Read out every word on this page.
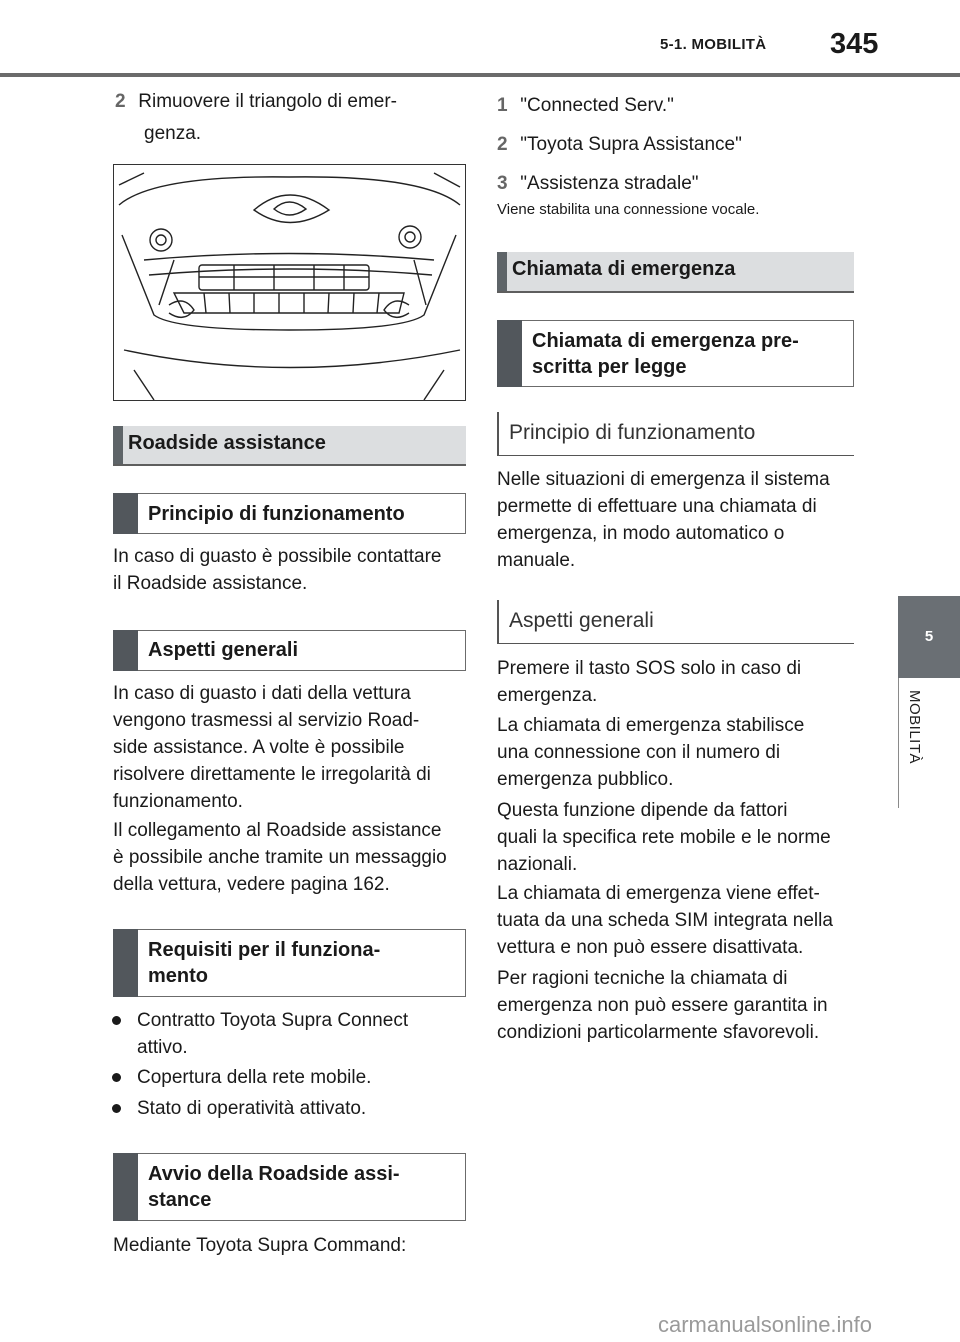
5-1. MOBILITÀ 345
5
MOBILITÀ
2 Rimuovere il triangolo di emer-
genza.
Roadside assistance
Principio di funzionamento
In caso di guasto è possibile contattare
il Roadside assistance.
Aspetti generali
In caso di guasto i dati della vettura
vengono trasmessi al servizio Road-
side assistance. A volte è possibile
risolvere direttamente le irregolarità di
funzionamento.
Il collegamento al Roadside assistance
è possibile anche tramite un messaggio
della vettura, vedere pagina 162.
Requisiti per il funziona-
mento
Contratto Toyota Supra Connect
attivo.
Copertura della rete mobile.
Stato di operatività attivato.
Avvio della Roadside assi-
stance
Mediante Toyota Supra Command:
1 "Connected Serv."
2 "Toyota Supra Assistance"
3 "Assistenza stradale"
Viene stabilita una connessione vocale.
Chiamata di emergenza
Chiamata di emergenza pre-
scritta per legge
Principio di funzionamento
Nelle situazioni di emergenza il sistema
permette di effettuare una chiamata di
emergenza, in modo automatico o
manuale.
Aspetti generali
Premere il tasto SOS solo in caso di
emergenza.
La chiamata di emergenza stabilisce
una connessione con il numero di
emergenza pubblico.
Questa funzione dipende da fattori
quali la specifica rete mobile e le norme
nazionali.
La chiamata di emergenza viene effet-
tuata da una scheda SIM integrata nella
vettura e non può essere disattivata.
Per ragioni tecniche la chiamata di
emergenza non può essere garantita in
condizioni particolarmente sfavorevoli.
carmanualsonline.info
